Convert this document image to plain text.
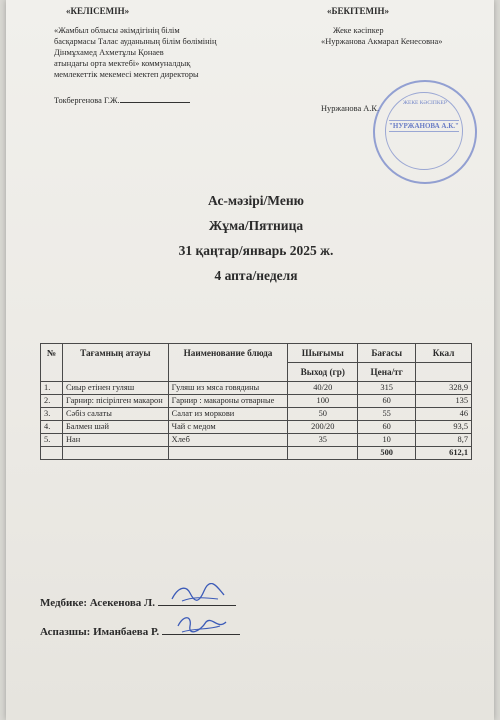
«КЕЛІСЕМІН»
«Жамбыл облысы әкімдігінің білім
басқармасы Талас ауданының білім бөлімінің
Дінмұхамед Ахметұлы Қонаев
атындағы орта мектебі» коммуналдық
мемлекеттік мекемесі мектеп директоры
Токбергенова Г.Ж.
«БЕКІТЕМІН»
Жеке кәсіпкер
«Нуржанова Акмарал Кенесовна»
Нуржанова А.К.
ЖЕКЕ КӘСІПКЕР
"НУРЖАНОВА А.К."
Ас-мәзірі/Меню
Жұма/Пятница
31 қаңтар/январь 2025 ж.
4 апта/неделя
№	Тағамның атауы	Наименование блюда	Шығымы	Бағасы	Ккал
			Выход (гр)	Цена/тг	
1.	Сиыр етінен гуляш	Гуляш из мяса говядины	40/20	315	328,9
2.	Гарнир: пісірілген макарон	Гарнир : макароны отварные	100	60	135
3.	Сәбіз салаты	Салат из моркови	50	55	46
4.	Балмен шәй	Чай с медом	200/20	60	93,5
5.	Нан	Хлеб	35	10	8,7
				500	612,1
Медбике: Асекенова Л.
Аспазшы: Иманбаева Р.
